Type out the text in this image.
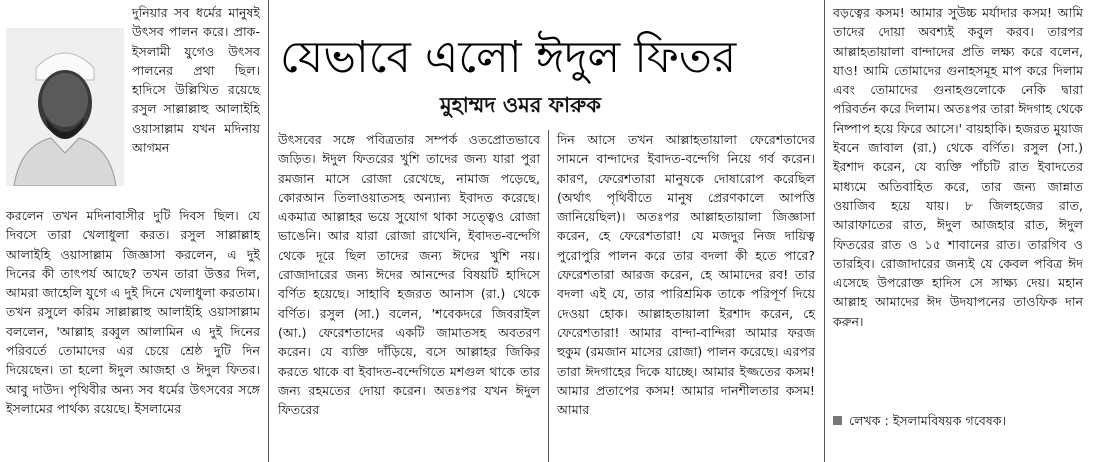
দুনিয়ার সব ধর্মের মানুষই উৎসব পালন করে। প্রাক-ইসলামী যুগেও উৎসব পালনের প্রথা ছিল। হাদিসে উল্লিখিত রয়েছে রসুল সাল্লাল্লাহু আলাইহি ওয়াসাল্লাম যখন মদিনায় আগমন
করলেন তখন মদিনাবাসীর দুটি দিবস ছিল। যে দিবসে তারা খেলাধুলা করত। রসুল সাল্লাল্লাহ আলাইহি ওয়াসাল্লাম জিজ্ঞাসা করলেন, এ দুই দিনের কী তাৎপর্য আছে? তখন তারা উত্তর দিল, আমরা জাহেলি যুগে এ দুই দিনে খেলাধুলা করতাম। তখন রসুলে করিম সাল্লাল্লাহু আলাইহি ওয়াসাল্লাম বললেন, 'আল্লাহ রব্বুল আলামিন এ দুই দিনের পরিবর্তে তোমাদের এর চেয়ে শ্রেষ্ঠ দুটি দিন দিয়েছেন। তা হলো ঈদুল আজহা ও ঈদুল ফিতর। আবু দাউদ। পৃথিবীর অন্য সব ধর্মের উৎসবের সঙ্গে ইসলামের পার্থক্য রয়েছে। ইসলামের
যেভাবে এলো ঈদুল ফিতর
মুহাম্মদ ওমর ফারুক
উৎসবের সঙ্গে পবিত্রতার সম্পর্ক ওতপ্রোতভাবে জড়িত। ঈদুল ফিতরের খুশি তাদের জন্য যারা পুরা রমজান মাসে রোজা রেখেছে, নামাজ পড়েছে, কোরআন তিলাওয়াতসহ অন্যান্য ইবাদত করেছে। একমাত্র আল্লাহর ভয়ে সুযোগ থাকা সত্ত্বেও রোজা ভাঙেনি। আর যারা রোজা রাখেনি, ইবাদত-বন্দেগি থেকে দূরে ছিল তাদের জন্য ঈদের খুশি নয়। রোজাদারের জন্য ঈদের আনন্দের বিষয়টি হাদিসে বর্ণিত হয়েছে। সাহাবি হজরত আনাস (রা.) থেকে বর্ণিত। রসুল (সা.) বলেন, 'শবেকদরে জিবরাইল (আ.) ফেরেশতাদের একটি জামাতসহ অবতরণ করেন। যে ব্যক্তি দাঁড়িয়ে, বসে আল্লাহর জিকির করতে থাকে বা ইবাদত-বন্দেগিতে মশগুল থাকে তার জন্য রহমতের দোয়া করেন। অতঃপর যখন ঈদুল ফিতরের
দিন আসে তখন আল্লাহতায়ালা ফেরেশতাদের সামনে বান্দাদের ইবাদত-বন্দেগি নিয়ে গর্ব করেন। কারণ, ফেরেশতারা মানুষকে দোষারোপ করেছিল (অর্থাৎ পৃথিবীতে মানুষ প্রেরণকালে আপত্তি জানিয়েছিল)। অতঃপর আল্লাহতায়ালা জিজ্ঞাসা করেন, হে ফেরেশতারা! যে মজদুর নিজ দায়িত্ব পুরোপুরি পালন করে তার বদলা কী হতে পারে? ফেরেশতারা আরজ করেন, হে আমাদের রব! তার বদলা এই যে, তার পারিশ্রমিক তাকে পরিপূর্ণ দিয়ে দেওয়া হোক। আল্লাহতায়ালা ইরশাদ করেন, হে ফেরেশতারা! আমার বান্দা-বান্দিরা আমার ফরজ হুকুম (রমজান মাসের রোজা) পালন করেছে। এরপর তারা ঈদগাহের দিকে যাচ্ছে। আমার ইজ্জতের কসম! আমার প্রতাপের কসম! আমার দানশীলতার কসম! আমার
বড়ত্বের কসম! আমার সুউচ্চ মর্যাদার কসম! আমি তাদের দোয়া অবশ্যই কবুল করব। তারপর আল্লাহতায়ালা বান্দাদের প্রতি লক্ষ্য করে বলেন, যাও! আমি তোমাদের গুনাহসমূহ মাপ করে দিলাম এবং তোমাদের গুনাহগুলোকে নেকি দ্বারা পরিবর্তন করে দিলাম। অতঃপর তারা ঈদগাহ থেকে নিষ্পাপ হয়ে ফিরে আসে।' বায়হাকি। হজরত মুয়াজ ইবনে জাবাল (রা.) থেকে বর্ণিত। রসুল (সা.) ইরশাদ করেন, যে ব্যক্তি পাঁচটি রাত ইবাদতের মাধ্যমে অতিবাহিত করে, তার জন্য জান্নাত ওয়াজিব হয়ে যায়। ৮ জিলহজের রাত, আরাফাতের রাত, ঈদুল আজহার রাত, ঈদুল ফিতরের রাত ও ১৫ শাবানের রাত। তারগিব ও তারহিব। রোজাদারের জন্যই যে কেবল পবিত্র ঈদ এসেছে উপরোক্ত হাদিস সে সাক্ষ্য দেয়। মহান আল্লাহ আমাদের ঈদ উদযাপনের তাওফিক দান করুন।
লেখক : ইসলামবিষয়ক গবেষক।
